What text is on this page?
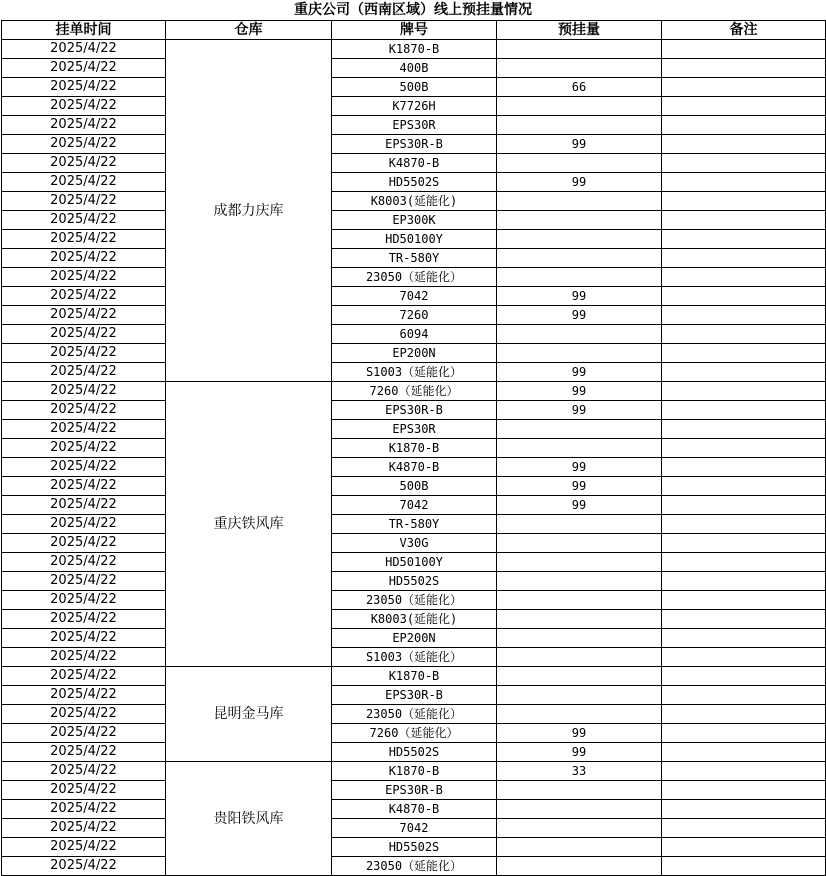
重庆公司（西南区域）线上预挂量情况
挂单时间	仓库	牌号	预挂量	备注
2025/4/22	成都力庆库	K1870-B		
2025/4/22		400B		
2025/4/22		500B	66	
2025/4/22		K7726H		
2025/4/22		EPS30R		
2025/4/22		EPS30R-B	99	
2025/4/22		K4870-B		
2025/4/22		HD5502S	99	
2025/4/22		K8003(延能化)		
2025/4/22		EP300K		
2025/4/22		HD50100Y		
2025/4/22		TR-580Y		
2025/4/22		23050（延能化）		
2025/4/22		7042	99	
2025/4/22		7260	99	
2025/4/22		6094		
2025/4/22		EP200N		
2025/4/22		S1003（延能化）	99	
2025/4/22	重庆铁风库	7260（延能化）	99	
2025/4/22		EPS30R-B	99	
2025/4/22		EPS30R		
2025/4/22		K1870-B		
2025/4/22		K4870-B	99	
2025/4/22		500B	99	
2025/4/22		7042	99	
2025/4/22		TR-580Y		
2025/4/22		V30G		
2025/4/22		HD50100Y		
2025/4/22		HD5502S		
2025/4/22		23050（延能化）		
2025/4/22		K8003(延能化)		
2025/4/22		EP200N		
2025/4/22		S1003（延能化）		
2025/4/22	昆明金马库	K1870-B		
2025/4/22		EPS30R-B		
2025/4/22		23050（延能化）		
2025/4/22		7260（延能化）	99	
2025/4/22		HD5502S	99	
2025/4/22	贵阳铁风库	K1870-B	33	
2025/4/22		EPS30R-B		
2025/4/22		K4870-B		
2025/4/22		7042		
2025/4/22		HD5502S		
2025/4/22		23050（延能化）		
